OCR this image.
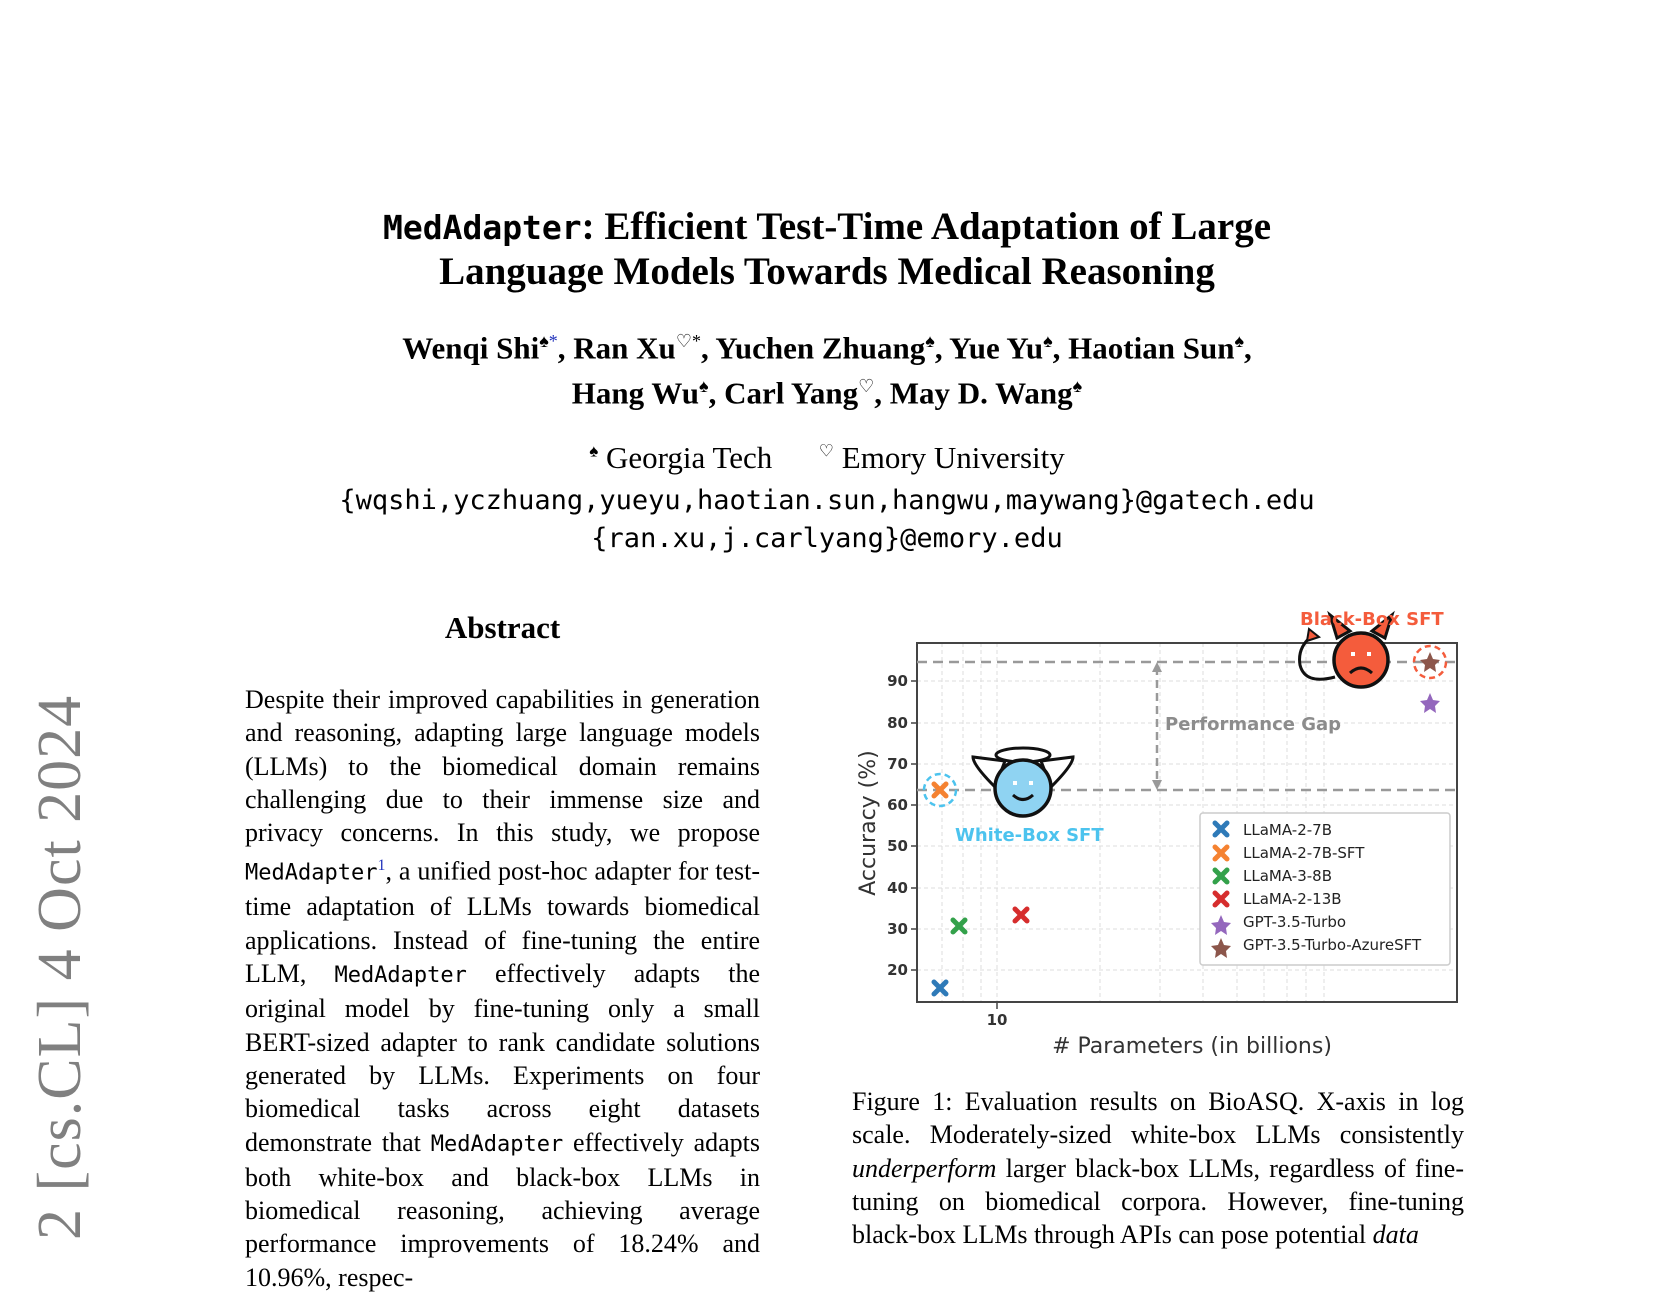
2 [cs.CL] 4 Oct 2024
MedAdapter: Efficient Test-Time Adaptation of Large
Language Models Towards Medical Reasoning
Wenqi Shi♠*, Ran Xu♡*, Yuchen Zhuang♠, Yue Yu♠, Haotian Sun♠,
Hang Wu♠, Carl Yang♡, May D. Wang♠
♠ Georgia Tech	♡ Emory University
{wqshi,yczhuang,yueyu,haotian.sun,hangwu,maywang}@gatech.edu
{ran.xu,j.carlyang}@emory.edu
Abstract
Despite their improved capabilities in generation and reasoning, adapting large language models (LLMs) to the biomedical domain remains challenging due to their immense size and privacy concerns. In this study, we propose MedAdapter$^1$, a unified post-hoc adapter for test-time adaptation of LLMs towards biomedical applications. Instead of fine-tuning the entire LLM, MedAdapter effectively adapts the original model by fine-tuning only a small BERT-sized adapter to rank candidate solutions generated by LLMs. Experiments on four biomedical tasks across eight datasets demonstrate that MedAdapter effectively adapts both white-box and black-box LLMs in biomedical reasoning, achieving average performance improvements of 18.24% and 10.96%, respec-
20
30
40
50
60
70
80
90
10
# Parameters (in billions)
Accuracy (%)
Performance Gap
White-Box SFT
Black-Box SFT
LLaMA-2-7B
LLaMA-2-7B-SFT
LLaMA-3-8B
LLaMA-2-13B
GPT-3.5-Turbo
GPT-3.5-Turbo-AzureSFT
Figure 1: Evaluation results on BioASQ. X-axis in log scale. Moderately-sized white-box LLMs consistently underperform larger black-box LLMs, regardless of fine-tuning on biomedical corpora. However, fine-tuning black-box LLMs through APIs can pose potential data
